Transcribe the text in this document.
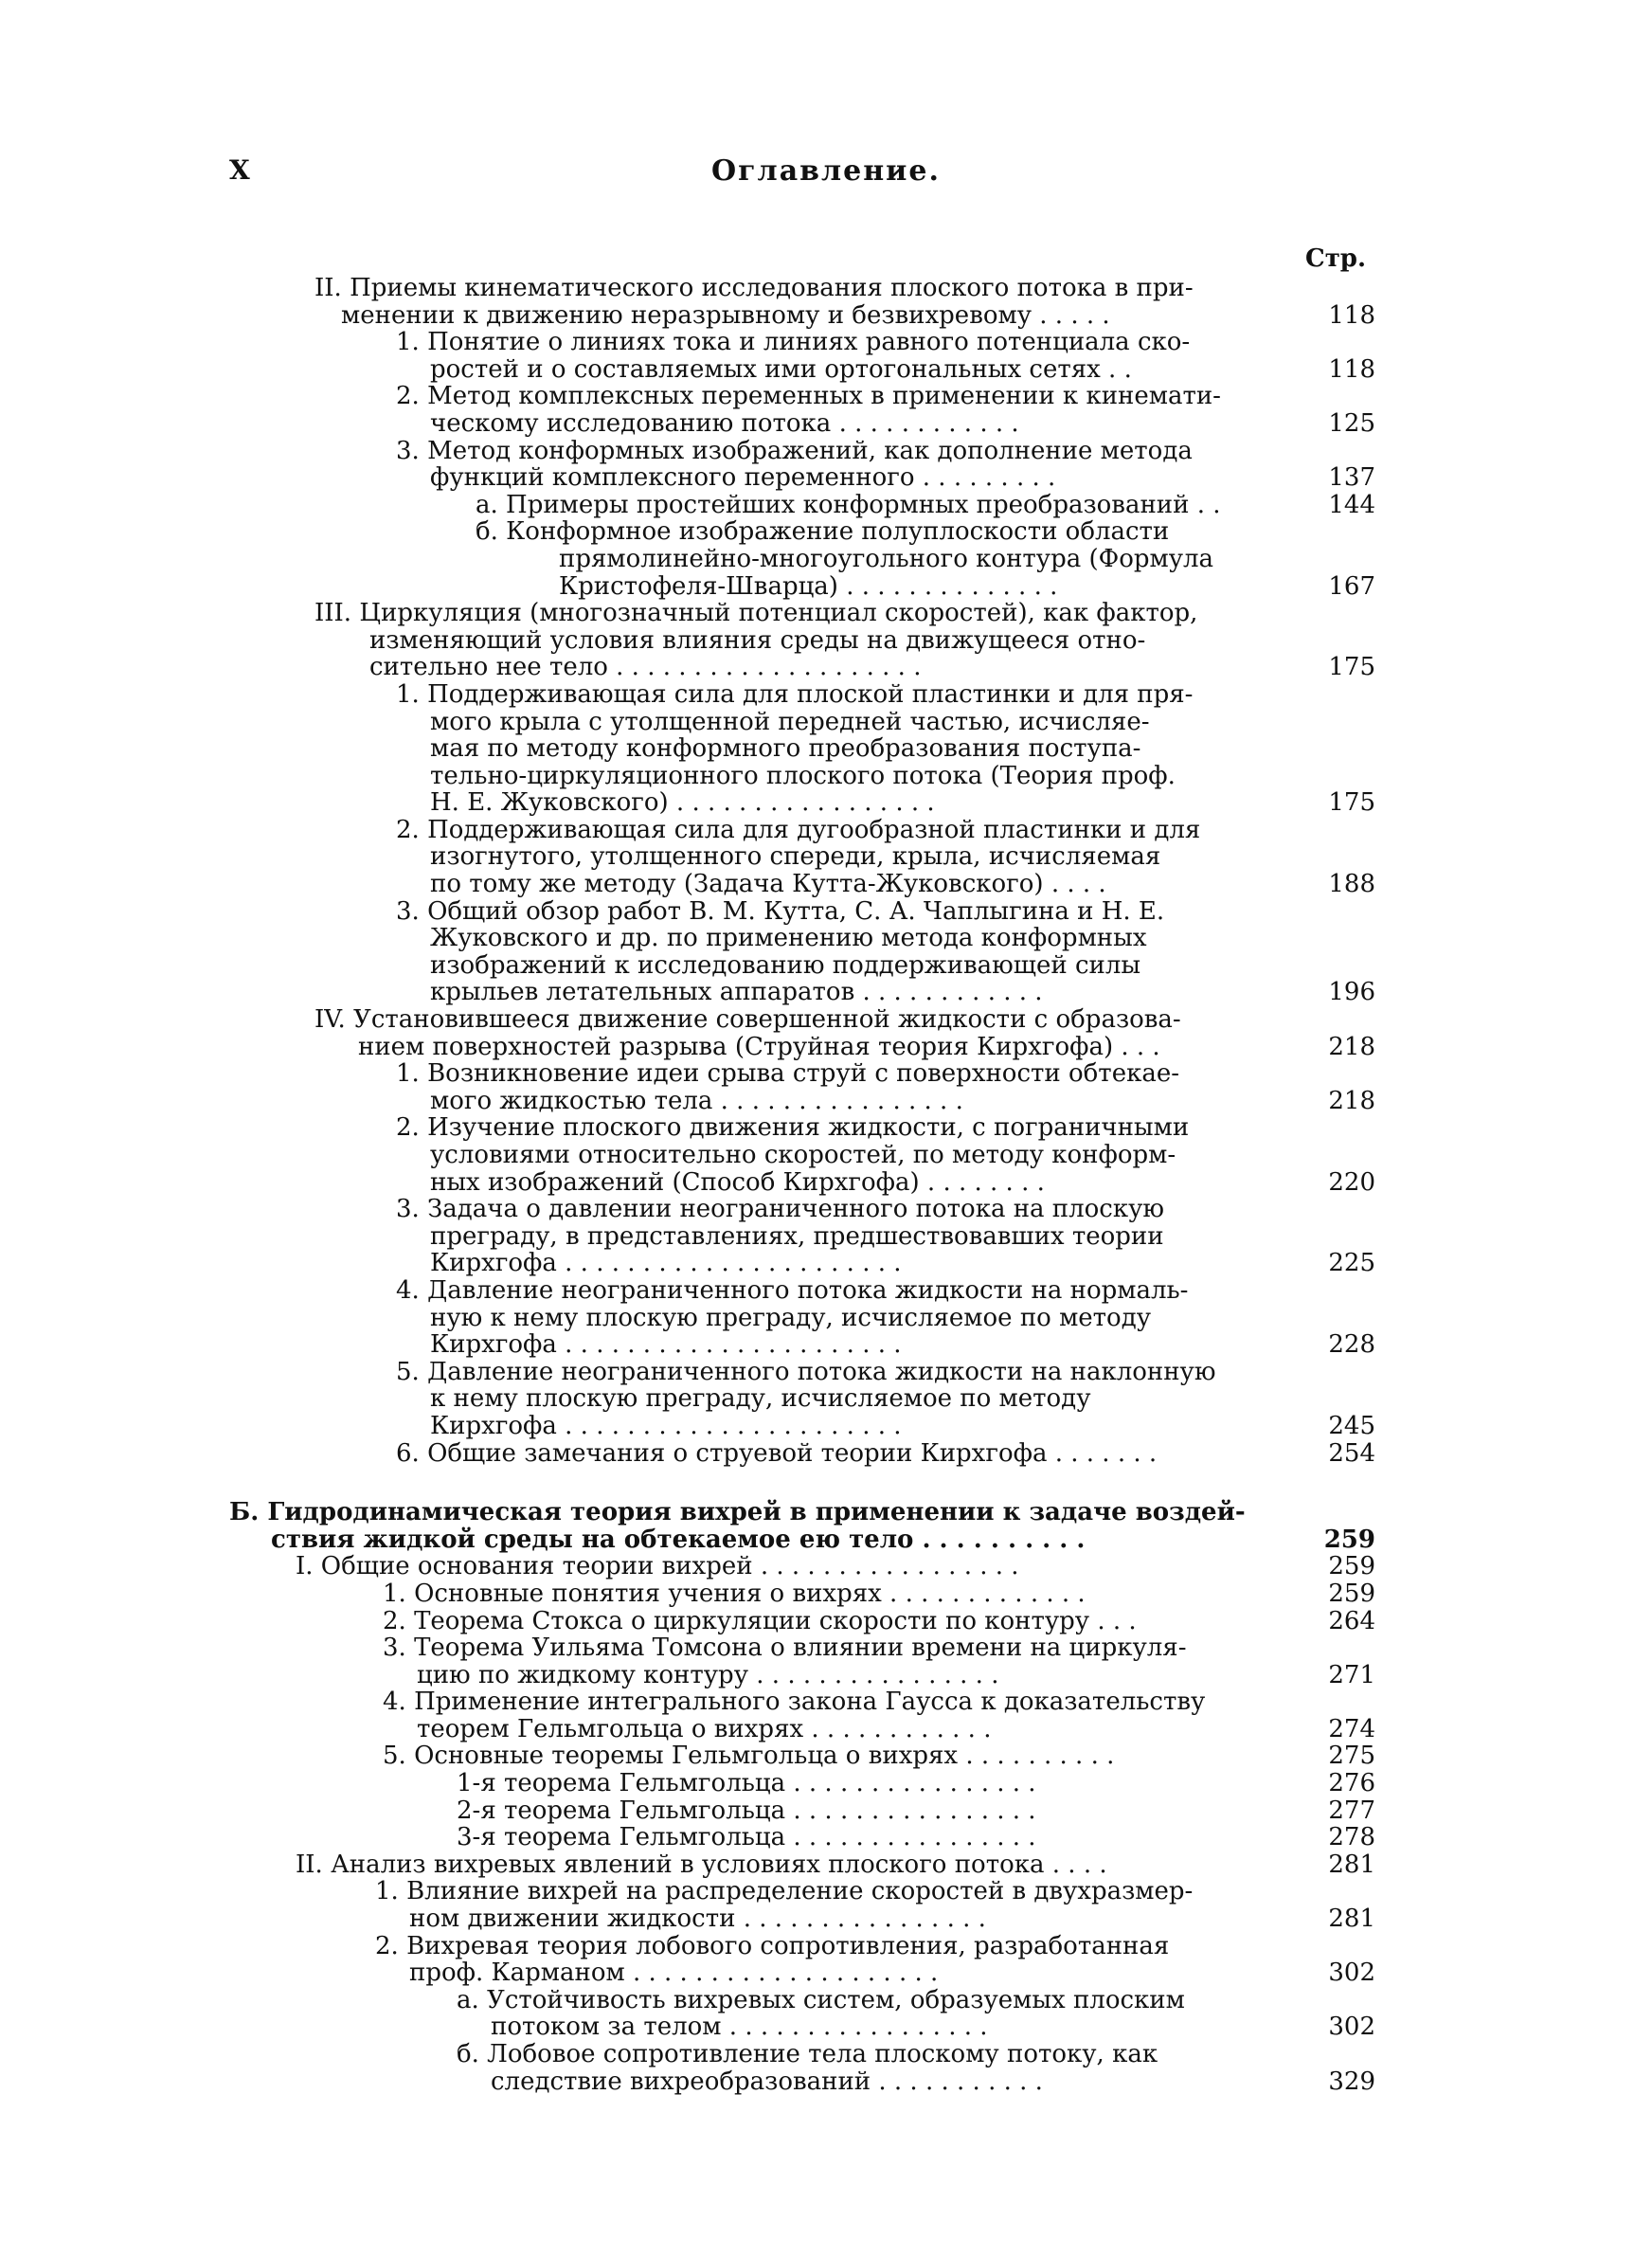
X	Оглавление.
Стр.
II. Приемы кинематического исследования плоского потока в при-
менении к движению неразрывному и безвихревому . . . . .	118
1. Понятие о линиях тока и линиях равного потенциала ско-
ростей и о составляемых ими ортогональных сетях . .	118
2. Метод комплексных переменных в применении к кинемати-
ческому исследованию потока . . . . . . . . . . . .	125
3. Метод конформных изображений, как дополнение метода
функций комплексного переменного . . . . . . . . .	137
а. Примеры простейших конформных преобразований . .	144
б. Конформное изображение полуплоскости области
прямолинейно-многоугольного контура (Формула
Кристофеля-Шварца) . . . . . . . . . . . . . .	167
III. Циркуляция (многозначный потенциал скоростей), как фактор,
изменяющий условия влияния среды на движущееся отно-
сительно нее тело . . . . . . . . . . . . . . . . . . . .	175
1. Поддерживающая сила для плоской пластинки и для пря-
мого крыла с утолщенной передней частью, исчисляе-
мая по методу конформного преобразования поступа-
тельно-циркуляционного плоского потока (Теория проф.
Н. Е. Жуковского) . . . . . . . . . . . . . . . . .	175
2. Поддерживающая сила для дугообразной пластинки и для
изогнутого, утолщенного спереди, крыла, исчисляемая
по тому же методу (Задача Кутта-Жуковского) . . . .	188
3. Общий обзор работ В. М. Кутта, С. А. Чаплыгина и Н. Е.
Жуковского и др. по применению метода конформных
изображений к исследованию поддерживающей силы
крыльев летательных аппаратов . . . . . . . . . . . .	196
IV. Установившееся движение совершенной жидкости с образова-
нием поверхностей разрыва (Струйная теория Кирхгофа) . . .	218
1. Возникновение идеи срыва струй с поверхности обтекае-
мого жидкостью тела . . . . . . . . . . . . . . . .	218
2. Изучение плоского движения жидкости, с пограничными
условиями относительно скоростей, по методу конформ-
ных изображений (Способ Кирхгофа) . . . . . . . .	220
3. Задача о давлении неограниченного потока на плоскую
преграду, в представлениях, предшествовавших теории
Кирхгофа . . . . . . . . . . . . . . . . . . . . . .	225
4. Давление неограниченного потока жидкости на нормаль-
ную к нему плоскую преграду, исчисляемое по методу
Кирхгофа . . . . . . . . . . . . . . . . . . . . . .	228
5. Давление неограниченного потока жидкости на наклонную
к нему плоскую преграду, исчисляемое по методу
Кирхгофа . . . . . . . . . . . . . . . . . . . . . .	245
6. Общие замечания о струевой теории Кирхгофа . . . . . . .	254
Б. Гидродинамическая теория вихрей в применении к задаче воздей-
ствия жидкой среды на обтекаемое ею тело . . . . . . . . . .	259
I. Общие основания теории вихрей . . . . . . . . . . . . . . . . .	259
1. Основные понятия учения о вихрях . . . . . . . . . . . . .	259
2. Теорема Стокса о циркуляции скорости по контуру . . .	264
3. Теорема Уильяма Томсона о влиянии времени на циркуля-
цию по жидкому контуру . . . . . . . . . . . . . . . .	271
4. Применение интегрального закона Гаусса к доказательству
теорем Гельмгольца о вихрях . . . . . . . . . . . .	274
5. Основные теоремы Гельмгольца о вихрях . . . . . . . . . .	275
1-я теорема Гельмгольца . . . . . . . . . . . . . . . .	276
2-я теорема Гельмгольца . . . . . . . . . . . . . . . .	277
3-я теорема Гельмгольца . . . . . . . . . . . . . . . .	278
II. Анализ вихревых явлений в условиях плоского потока . . . .	281
1. Влияние вихрей на распределение скоростей в двухразмер-
ном движении жидкости . . . . . . . . . . . . . . . .	281
2. Вихревая теория лобового сопротивления, разработанная
проф. Карманом . . . . . . . . . . . . . . . . . . . .	302
а. Устойчивость вихревых систем, образуемых плоским
потоком за телом . . . . . . . . . . . . . . . . .	302
б. Лобовое сопротивление тела плоскому потоку, как
следствие вихреобразований . . . . . . . . . . .	329
